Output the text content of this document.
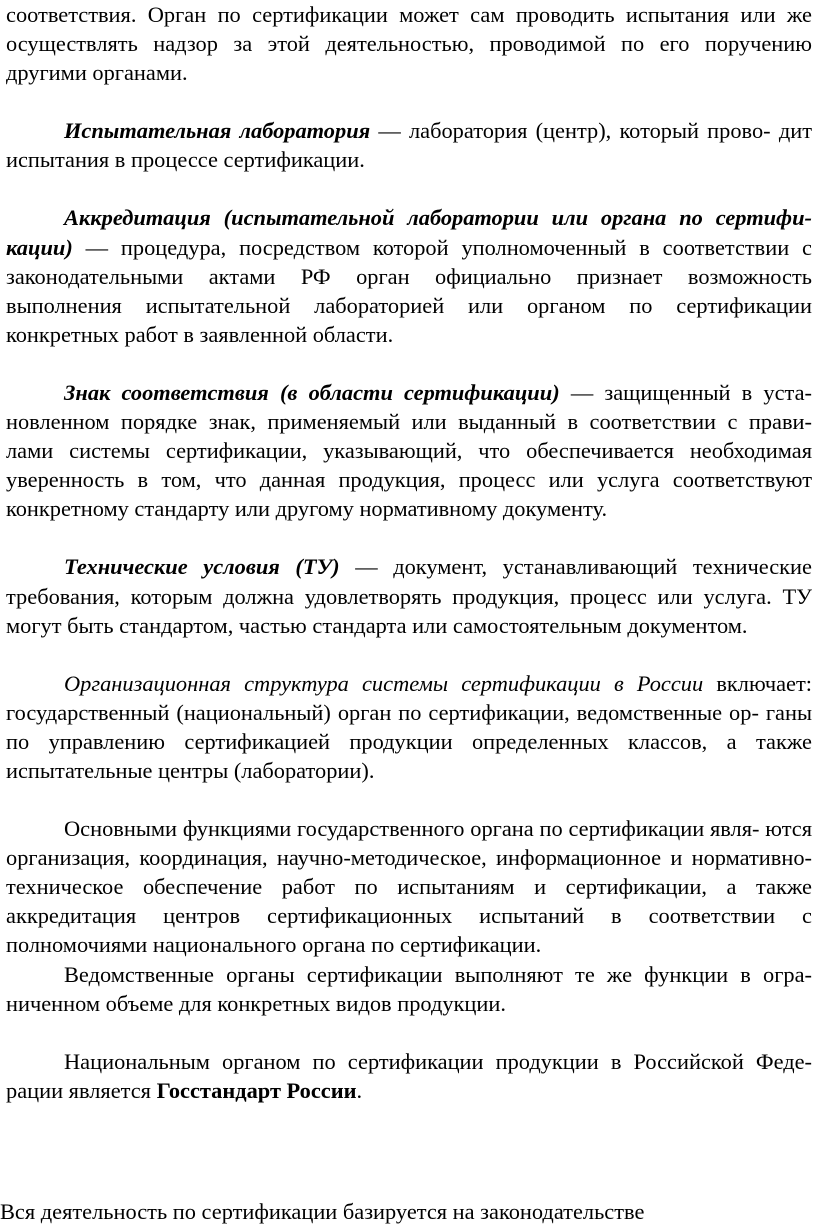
соответствия. Орган по сертификации может сам проводить испытания или же осуществлять надзор за этой деятельностью, проводимой по его поручению другими органами.

Испытательная лаборатория — лаборатория (центр), который прово- дит испытания в процессе сертификации.

Аккредитация (испытательной лаборатории или органа по сертифи- кации) — процедура, посредством которой уполномоченный в соответствии с законодательными актами РФ орган официально признает возможность выполнения испытательной лабораторией или органом по сертификации конкретных работ в заявленной области.

Знак соответствия (в области сертификации) — защищенный в уста- новленном порядке знак, применяемый или выданный в соответствии с прави- лами системы сертификации, указывающий, что обеспечивается необходимая уверенность в том, что данная продукция, процесс или услуга соответствуют конкретному стандарту или другому нормативному документу.

Технические условия (ТУ) — документ, устанавливающий технические требования, которым должна удовлетворять продукция, процесс или услуга. ТУ могут быть стандартом, частью стандарта или самостоятельным документом.

Организационная структура системы сертификации в России включает: государственный (национальный) орган по сертификации, ведомственные ор- ганы по управлению сертификацией продукции определенных классов, а также испытательные центры (лаборатории).

Основными функциями государственного органа по сертификации явля- ются организация, координация, научно-методическое, информационное и нормативно-техническое обеспечение работ по испытаниям и сертификации, а также аккредитация центров сертификационных испытаний в соответствии с полномочиями национального органа по сертификации.

Ведомственные органы сертификации выполняют те же функции в огра- ниченном объеме для конкретных видов продукции.

Национальным органом по сертификации продукции в Российской Феде- рации является Госстандарт России.

Вся деятельность по сертификации базируется на законодательстве
